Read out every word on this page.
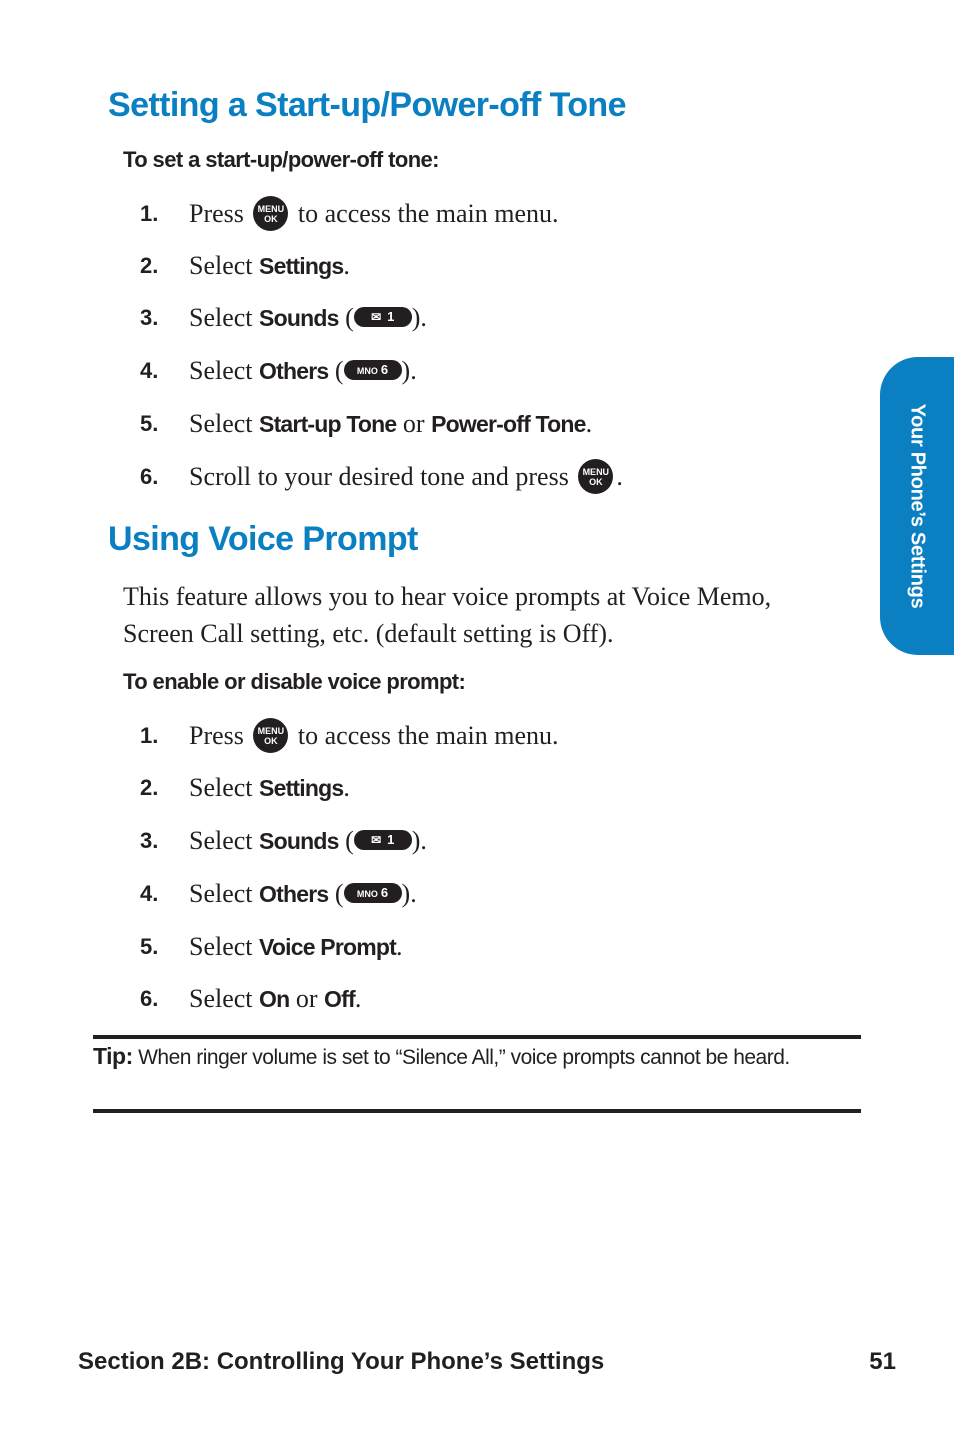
Setting a Start-up/Power-off Tone

To set a start-up/power-off tone:

1.	Press MENU
OK to access the main menu.
2.	Select Settings.
3.	Select Sounds ( ✉ 1 ).
4.	Select Others ( MNO 6 ).
5.	Select Start-up Tone or Power-off Tone.
6.	Scroll to your desired tone and press MENU
OK .
Using Voice Prompt

This feature allows you to hear voice prompts at Voice Memo, Screen Call setting, etc. (default setting is Off).

To enable or disable voice prompt:

1.	Press MENU
OK to access the main menu.
2.	Select Settings.
3.	Select Sounds ( ✉ 1 ).
4.	Select Others ( MNO 6 ).
5.	Select Voice Prompt.
6.	Select On or Off.

Tip: When ringer volume is set to “Silence All,” voice prompts cannot be heard.

Your Phone’s Settings

Section 2B: Controlling Your Phone’s Settings	51
